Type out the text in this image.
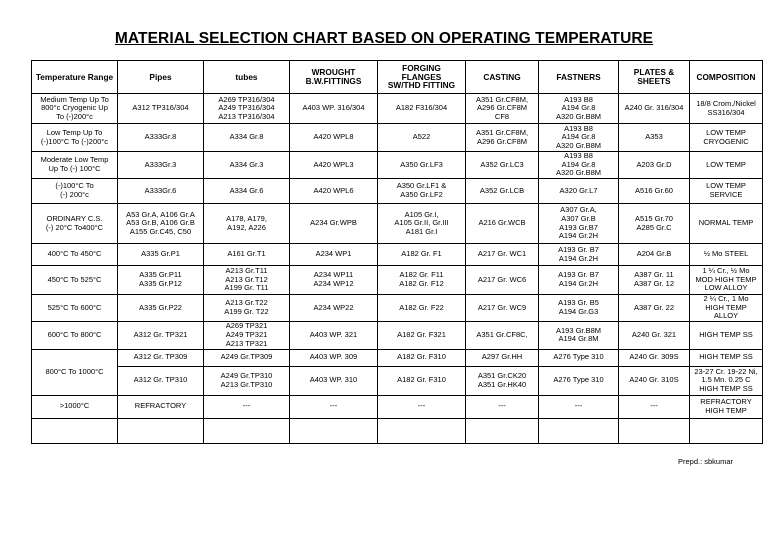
MATERIAL SELECTION CHART BASED ON OPERATING TEMPERATURE
Temperature Range	Pipes	tubes	WROUGHT
B.W.FITTINGS	FORGING
FLANGES
SW/THD FITTING	CASTING	FASTNERS	PLATES &
SHEETS	COMPOSITION

Medium Temp Up To
800°c Cryogenic Up
To (-)200°c	A312 TP316/304	A269 TP316/304
A249 TP316/304
A213 TP316/304	A403 WP. 316/304	A182 F316/304	A351 Gr.CF8M,
A296 Gr.CF8M
CF8	A193 B8
A194 Gr.8
A320 Gr.B8M	A240 Gr. 316/304	18/8 Crom./Nickel
SS316/304

Low Temp Up To
(-)100°C To (-)200°c	A333Gr.8	A334 Gr.8	A420 WPL8	A522	A351 Gr.CF8M,
A296 Gr.CF8M	A193 B8
A194 Gr.8
A320 Gr.B8M	A353	LOW TEMP
CRYOGENIC

Moderate Low Temp
Up To (-) 100°C	A333Gr.3	A334 Gr.3	A420 WPL3	A350 Gr.LF3	A352 Gr.LC3	A193 B8
A194 Gr.8
A320 Gr.B8M	A203 Gr.D	LOW TEMP

(-)100°C To
(-) 200°c	A333Gr.6	A334 Gr.6	A420 WPL6	A350 Gr.LF1 &
A350 Gr.LF2	A352 Gr.LCB	A320 Gr.L7	A516 Gr.60	LOW TEMP
SERVICE

ORDINARY C.S.
(-) 20°C To400°C	A53 Gr.A, A106 Gr.A
A53 Gr.B, A106 Gr.B
A155 Gr.C45, C50	A178, A179,
A192, A226	A234 Gr.WPB	A105 Gr.I,
A105 Gr.II, Gr.III
A181 Gr.I	A216 Gr.WCB	A307 Gr.A,
A307 Gr.B
A193 Gr.B7
A194 Gr.2H	A515 Gr.70
A285 Gr.C	NORMAL TEMP

400°C To 450°C	A335 Gr.P1	A161 Gr.T1	A234 WP1	A182 Gr. F1	A217 Gr. WC1	A193 Gr. B7
A194 Gr.2H	A204 Gr.B	½ Mo STEEL

450°C To 525°C	A335 Gr.P11
A335 Gr.P12	A213 Gr.T11
A213 Gr.T12
A199 Gr. T11	A234 WP11
A234 WP12	A182 Gr. F11
A182 Gr. F12	A217 Gr. WC6	A193 Gr. B7
A194 Gr.2H	A387 Gr. 11
A387 Gr. 12	1 ¼ Cr., ½ Mo
MOD HIGH TEMP
LOW ALLOY

525°C To 600°C	A335 Gr.P22	A213 Gr.T22
A199 Gr. T22	A234 WP22	A182 Gr. F22	A217 Gr. WC9	A193 Gr. B5
A194 Gr.G3	A387 Gr. 22	2 ¼ Cr., 1 Mo
HIGH TEMP
ALLOY

600°C To 800°C	A312 Gr. TP321	A269 TP321
A249 TP321
A213 TP321	A403 WP. 321	A182 Gr. F321	A351 Gr.CF8C,	A193 Gr.B8M
A194 Gr.8M	A240 Gr. 321	HIGH TEMP SS

800°C To 1000°C	A312 Gr. TP309	A249 Gr.TP309	A403 WP. 309	A182 Gr. F310	A297 Gr.HH	A276 Type 310	A240 Gr. 309S	HIGH TEMP SS

	A312 Gr. TP310	A249 Gr.TP310
A213 Gr.TP310	A403 WP. 310	A182 Gr. F310	A351 Gr.CK20
A351 Gr.HK40	A276 Type 310	A240 Gr. 310S	23-27 Cr. 19-22 Ni,
1.5 Mn. 0.25 C
HIGH TEMP SS

>1000°C	REFRACTORY	---	---	---	---	---	---	REFRACTORY
HIGH TEMP

Prepd.: sbkumar
